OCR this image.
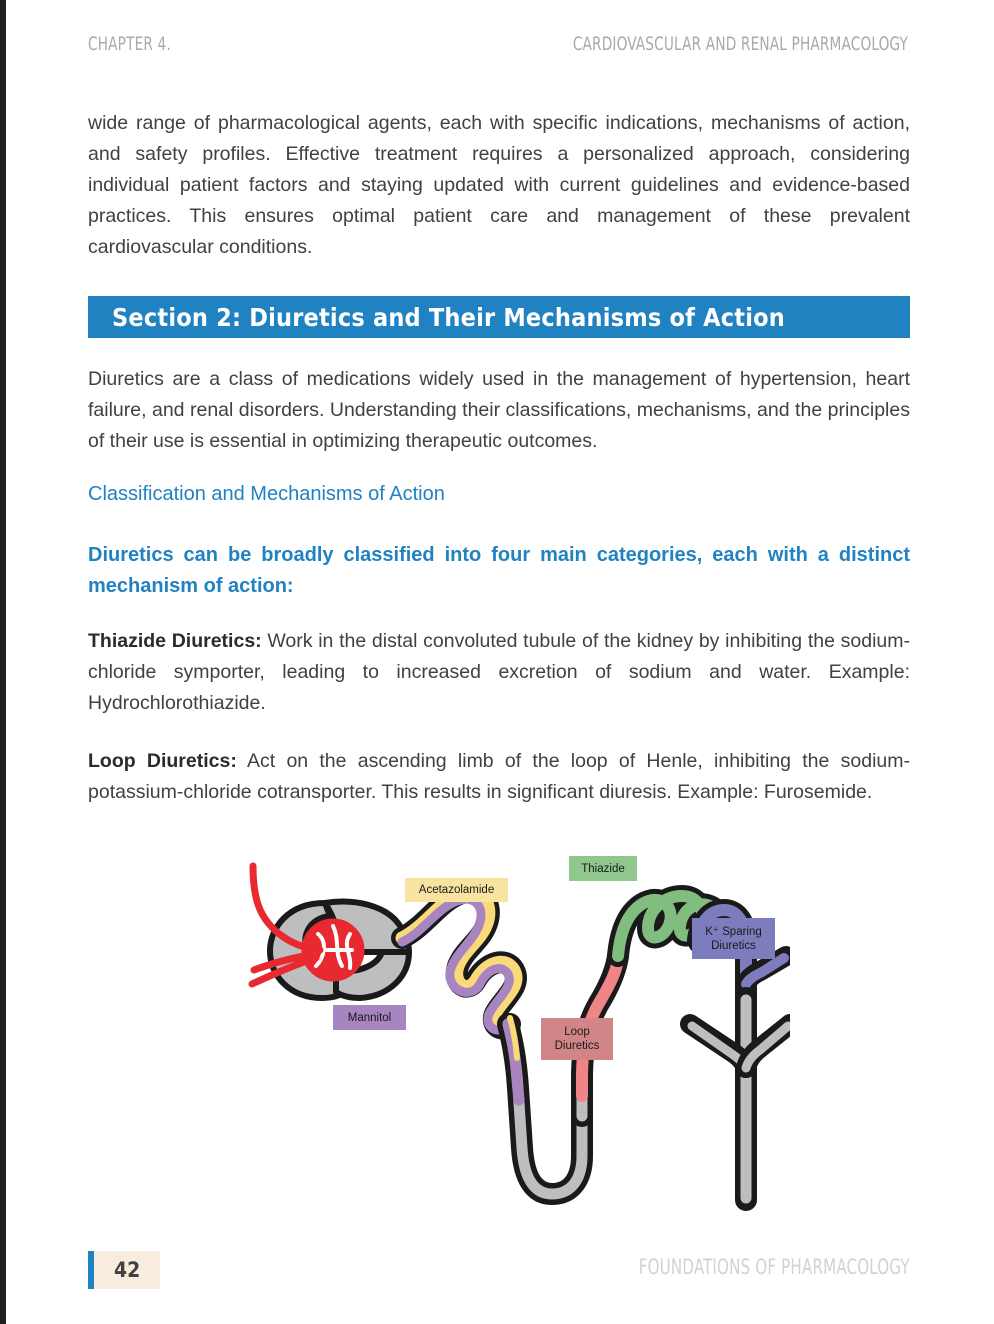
CHAPTER 4.	CARDIOVASCULAR AND RENAL PHARMACOLOGY
wide range of pharmacological agents, each with specific indications, mechanisms of action, and safety profiles. Effective treatment requires a personalized approach, considering individual patient factors and staying updated with current guidelines and evidence-based practices. This ensures optimal patient care and management of these prevalent cardiovascular conditions.
Section 2: Diuretics and Their Mechanisms of Action
Diuretics are a class of medications widely used in the management of hypertension, heart failure, and renal disorders. Understanding their classifications, mechanisms, and the principles of their use is essential in optimizing therapeutic outcomes.
Classification and Mechanisms of Action
Diuretics can be broadly classified into four main categories, each with a distinct mechanism of action:
Thiazide Diuretics: Work in the distal convoluted tubule of the kidney by inhibiting the sodium-chloride symporter, leading to increased excretion of sodium and water. Example: Hydrochlorothiazide.
Loop Diuretics: Act on the ascending limb of the loop of Henle, inhibiting the sodium-potassium-chloride cotransporter. This results in significant diuresis. Example: Furosemide.
Acetazolamide
Mannitol
Thiazide
Loop
Diuretics
K⁺ Sparing
Diuretics
42	FOUNDATIONS OF PHARMACOLOGY
